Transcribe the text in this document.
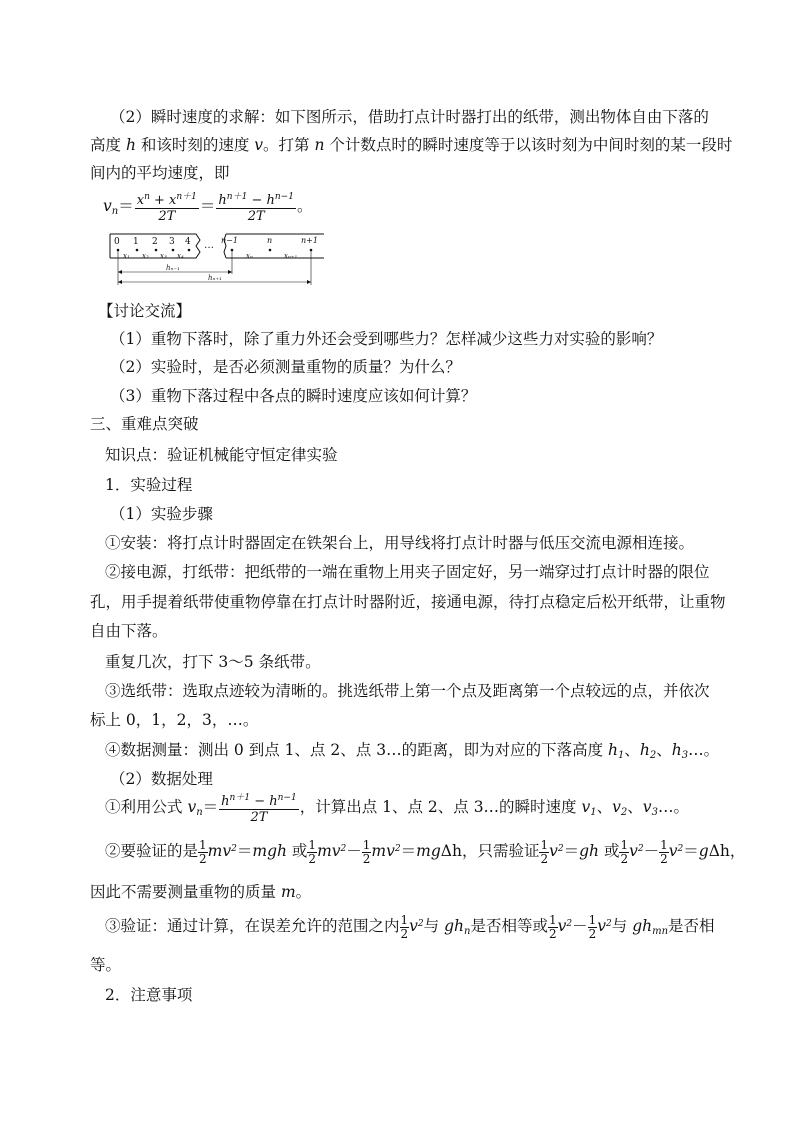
（2）瞬时速度的求解：如下图所示，借助打点计时器打出的纸带，测出物体自由下落的
高度 h 和该时刻的速度 v。打第 n 个计数点时的瞬时速度等于以该时刻为中间时刻的某一段时
间内的平均速度，即
$v_n= \frac{x^n + x^{n+1}}{2T} = \frac{h^{n+1} - h^{n-1}}{2T}$ 。
0 1 2 3 4 … n−1	n	n+1
x₁ x₂ x₃ x₄	xₙ	xₙ₊₁
hₙ₋₁
hₙ₊₁
【讨论交流】
（1）重物下落时，除了重力外还会受到哪些力？怎样减少这些力对实验的影响？
（2）实验时，是否必须测量重物的质量？为什么？
（3）重物下落过程中各点的瞬时速度应该如何计算？
三、重难点突破
知识点：验证机械能守恒定律实验
1．实验过程
（1）实验步骤
①安装：将打点计时器固定在铁架台上，用导线将打点计时器与低压交流电源相连接。
②接电源，打纸带：把纸带的一端在重物上用夹子固定好，另一端穿过打点计时器的限位
孔，用手提着纸带使重物停靠在打点计时器附近，接通电源，待打点稳定后松开纸带，让重物
自由下落。
重复几次，打下 3～5 条纸带。
③选纸带：选取点迹较为清晰的。挑选纸带上第一个点及距离第一个点较远的点，并依次
标上 0，1，2，3，…。
④数据测量：测出 0 到点 1、点 2、点 3…的距离，即为对应的下落高度 $h_1$、$h_2$、$h_3\dots$。
（2）数据处理
①利用公式 $v_n= \frac{h^{n+1} - h^{n-1}}{2T}$ ，计算出点 1、点 2、点 3…的瞬时速度 $v_1$、$v_2$、$v_3\dots$。
②要验证的是 $\frac{1}{2} mv^2=mgh$ 或 $\frac{1}{2} mv^2- \frac{1}{2} mv^2=mg\Delta h$，只需验证 $\frac{1}{2} v^2=gh$ 或 $\frac{1}{2} v^2- \frac{1}{2} v^2=g\Delta h$，
因此不需要测量重物的质量 m。
③验证：通过计算，在误差允许的范围之内 $\frac{1}{2} v^2$与 $gh_n$是否相等或 $\frac{1}{2} v^2- \frac{1}{2} v^2$与 $gh_{mn}$是否相
等。
2．注意事项
